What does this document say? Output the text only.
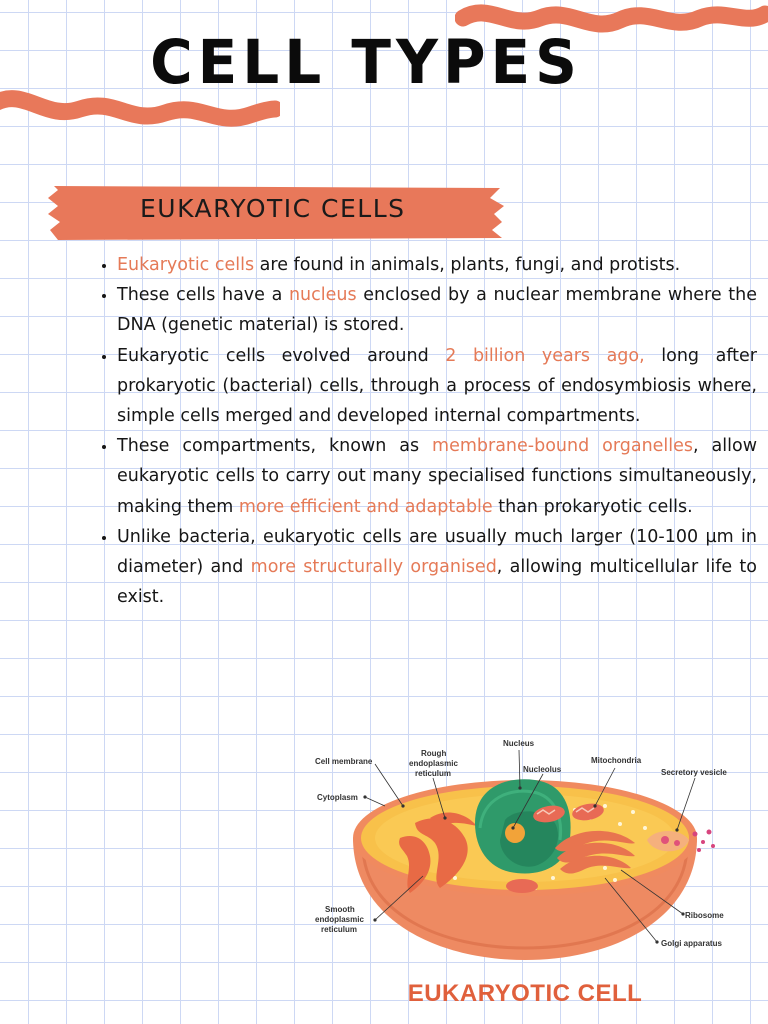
CELL TYPES
EUKARYOTIC CELLS
• Eukaryotic cells are found in animals, plants, fungi, and protists.
• These cells have a nucleus enclosed by a nuclear membrane where the DNA (genetic material) is stored.
• Eukaryotic cells evolved around 2 billion years ago, long after prokaryotic (bacterial) cells, through a process of endosymbiosis where, simple cells merged and developed internal compartments.
• These compartments, known as membrane-bound organelles, allow eukaryotic cells to carry out many specialised functions simultaneously, making them more efficient and adaptable than prokaryotic cells.
• Unlike bacteria, eukaryotic cells are usually much larger (10-100 µm in diameter) and more structurally organised, allowing multicellular life to exist.
Cell membrane
Rough
endoplasmic
reticulum
Nucleus
Nucleolus
Mitochondria
Secretory vesicle
Cytoplasm
Smooth
endoplasmic
reticulum
Ribosome
Golgi apparatus
EUKARYOTIC CELL
